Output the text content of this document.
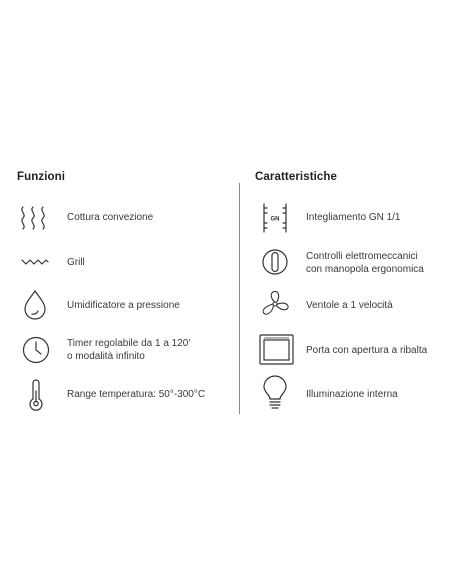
Funzioni
Cottura convezione
Grill
Umidificatore a pressione
Timer regolabile da 1 a 120'
o modalità infinito
Range temperatura: 50°-300°C
Caratteristiche
GN	Integliamento GN 1/1
Controlli elettromeccanici
con manopola ergonomica
Ventole a 1 velocità
Porta con apertura a ribalta
Illuminazione interna
